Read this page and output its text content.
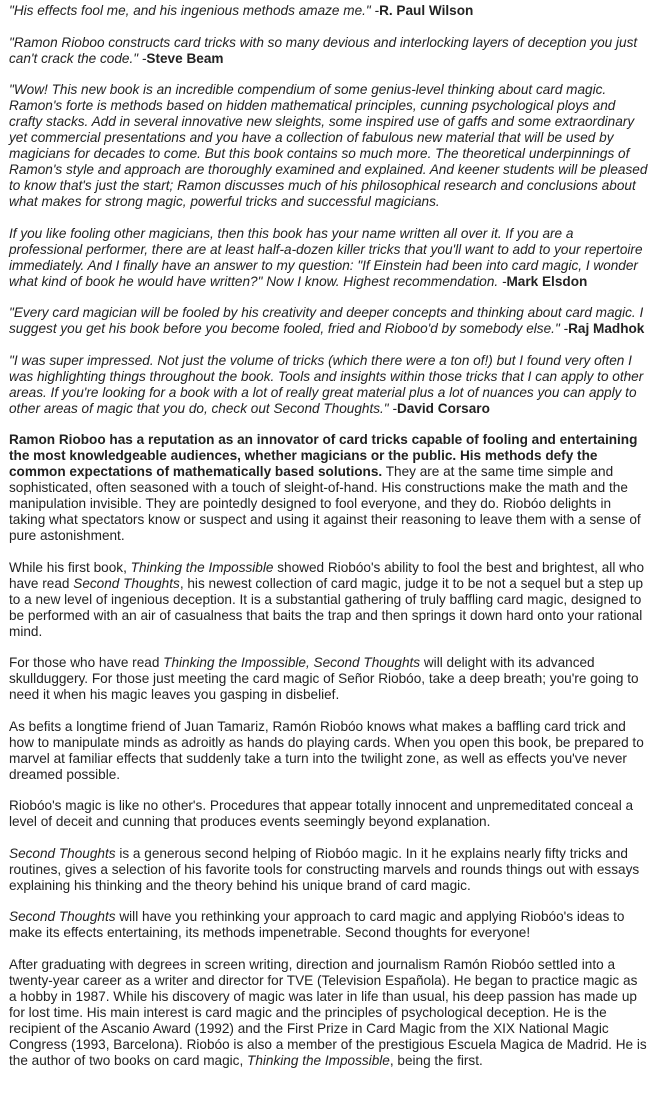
"His effects fool me, and his ingenious methods amaze me." -R. Paul Wilson

"Ramon Rioboo constructs card tricks with so many devious and interlocking layers of deception you just can't crack the code." -Steve Beam

"Wow! This new book is an incredible compendium of some genius-level thinking about card magic. Ramon's forte is methods based on hidden mathematical principles, cunning psychological ploys and crafty stacks. Add in several innovative new sleights, some inspired use of gaffs and some extraordinary yet commercial presentations and you have a collection of fabulous new material that will be used by magicians for decades to come. But this book contains so much more. The theoretical underpinnings of Ramon's style and approach are thoroughly examined and explained. And keener students will be pleased to know that's just the start; Ramon discusses much of his philosophical research and conclusions about what makes for strong magic, powerful tricks and successful magicians.

If you like fooling other magicians, then this book has your name written all over it. If you are a professional performer, there are at least half-a-dozen killer tricks that you'll want to add to your repertoire immediately. And I finally have an answer to my question: "If Einstein had been into card magic, I wonder what kind of book he would have written?" Now I know. Highest recommendation. -Mark Elsdon

"Every card magician will be fooled by his creativity and deeper concepts and thinking about card magic. I suggest you get his book before you become fooled, fried and Rioboo'd by somebody else." -Raj Madhok

"I was super impressed. Not just the volume of tricks (which there were a ton of!) but I found very often I was highlighting things throughout the book. Tools and insights within those tricks that I can apply to other areas. If you're looking for a book with a lot of really great material plus a lot of nuances you can apply to other areas of magic that you do, check out Second Thoughts." -David Corsaro

Ramon Rioboo has a reputation as an innovator of card tricks capable of fooling and entertaining the most knowledgeable audiences, whether magicians or the public. His methods defy the common expectations of mathematically based solutions. They are at the same time simple and sophisticated, often seasoned with a touch of sleight-of-hand. His constructions make the math and the manipulation invisible. They are pointedly designed to fool everyone, and they do. Riobóo delights in taking what spectators know or suspect and using it against their reasoning to leave them with a sense of pure astonishment.

While his first book, Thinking the Impossible showed Riobóo's ability to fool the best and brightest, all who have read Second Thoughts, his newest collection of card magic, judge it to be not a sequel but a step up to a new level of ingenious deception. It is a substantial gathering of truly baffling card magic, designed to be performed with an air of casualness that baits the trap and then springs it down hard onto your rational mind.

For those who have read Thinking the Impossible, Second Thoughts will delight with its advanced skullduggery. For those just meeting the card magic of Señor Riobóo, take a deep breath; you're going to need it when his magic leaves you gasping in disbelief.

As befits a longtime friend of Juan Tamariz, Ramón Riobóo knows what makes a baffling card trick and how to manipulate minds as adroitly as hands do playing cards. When you open this book, be prepared to marvel at familiar effects that suddenly take a turn into the twilight zone, as well as effects you've never dreamed possible.

Riobóo's magic is like no other's. Procedures that appear totally innocent and unpremeditated conceal a level of deceit and cunning that produces events seemingly beyond explanation.

Second Thoughts is a generous second helping of Riobóo magic. In it he explains nearly fifty tricks and routines, gives a selection of his favorite tools for constructing marvels and rounds things out with essays explaining his thinking and the theory behind his unique brand of card magic.

Second Thoughts will have you rethinking your approach to card magic and applying Riobóo's ideas to make its effects entertaining, its methods impenetrable. Second thoughts for everyone!

After graduating with degrees in screen writing, direction and journalism Ramón Riobóo settled into a twenty-year career as a writer and director for TVE (Television Española). He began to practice magic as a hobby in 1987. While his discovery of magic was later in life than usual, his deep passion has made up for lost time. His main interest is card magic and the principles of psychological deception. He is the recipient of the Ascanio Award (1992) and the First Prize in Card Magic from the XIX National Magic Congress (1993, Barcelona). Riobóo is also a member of the prestigious Escuela Magica de Madrid. He is the author of two books on card magic, Thinking the Impossible, being the first.
